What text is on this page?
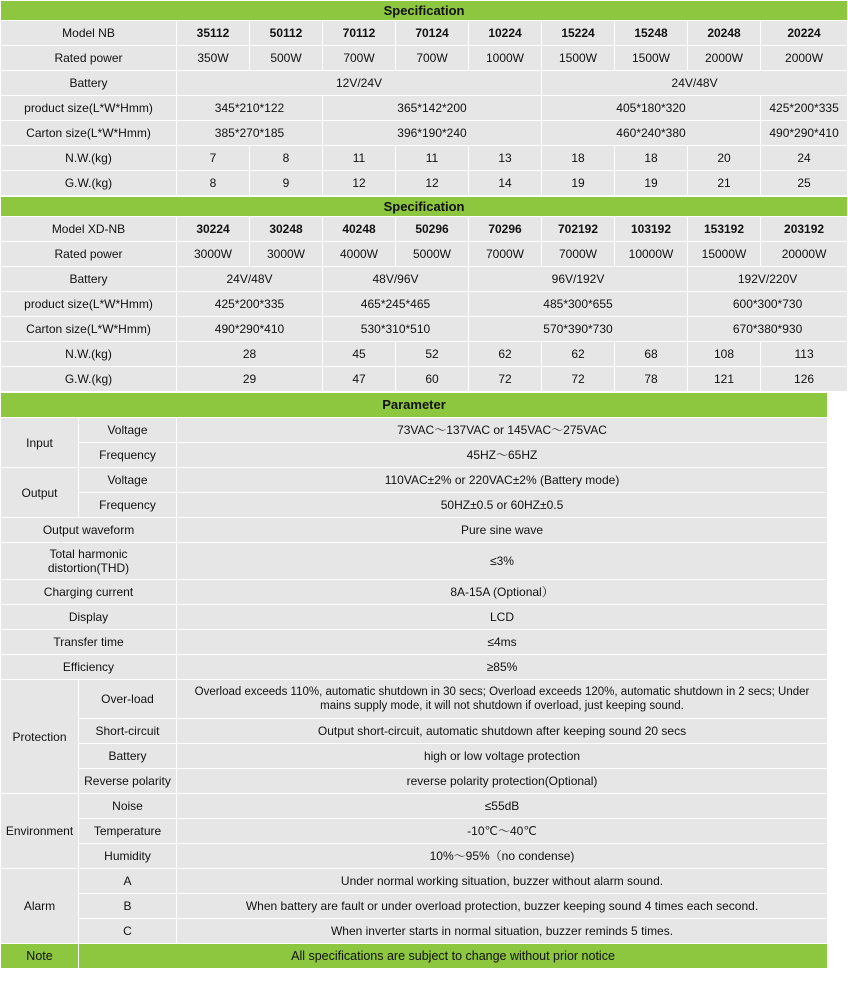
Specification									
Model NB	35112	50112	70112	70124	10224	15224	15248	20248	20224
Rated power	350W	500W	700W	700W	1000W	1500W	1500W	2000W	2000W
Battery	12V/24V					24V/48V			
product size(L*W*Hmm)	345*210*122		365*142*200			405*180*320			425*200*335
Carton size(L*W*Hmm)	385*270*185		396*190*240			460*240*380			490*290*410
N.W.(kg)	7	8	11	11	13	18	18	20	24
G.W.(kg)	8	9	12	12	14	19	19	21	25
Specification									
Model XD-NB	30224	30248	40248	50296	70296	702192	103192	153192	203192
Rated power	3000W	3000W	4000W	5000W	7000W	7000W	10000W	15000W	20000W
Battery	24V/48V		48V/96V		96V/192V			192V/220V	
product size(L*W*Hmm)	425*200*335		465*245*465		485*300*655			600*300*730	
Carton size(L*W*Hmm)	490*290*410		530*310*510		570*390*730			670*380*930	
N.W.(kg)	28		45	52	62	62	68	108	113
G.W.(kg)	29		47	60	72	72	78	121	126
Parameter		
Input	Voltage	73VAC～137VAC or 145VAC～275VAC
	Frequency	45HZ～65HZ
Output	Voltage	110VAC±2% or 220VAC±2% (Battery mode)
	Frequency	50HZ±0.5 or 60HZ±0.5
Output waveform		Pure sine wave
Total harmonic distortion(THD)		≤3%
Charging current		8A-15A (Optional）
Display		LCD
Transfer time		≤4ms
Efficiency		≥85%
Protection	Over-load	Overload exceeds 110%, automatic shutdown in 30 secs; Overload exceeds 120%, automatic shutdown in 2 secs; Under mains supply mode, it will not shutdown if overload, just keeping sound.
	Short-circuit	Output short-circuit, automatic shutdown after keeping sound 20 secs
	Battery	high or low voltage protection
	Reverse polarity	reverse polarity protection(Optional)
Environment	Noise	≤55dB
	Temperature	-10℃～40℃
	Humidity	10%～95%（no condense)
Alarm	A	Under normal working situation, buzzer without alarm sound.
	B	When battery are fault or under overload protection, buzzer keeping sound 4 times each second.
	C	When inverter starts in normal situation, buzzer reminds 5 times.
Note	All specifications are subject to change without prior notice	
